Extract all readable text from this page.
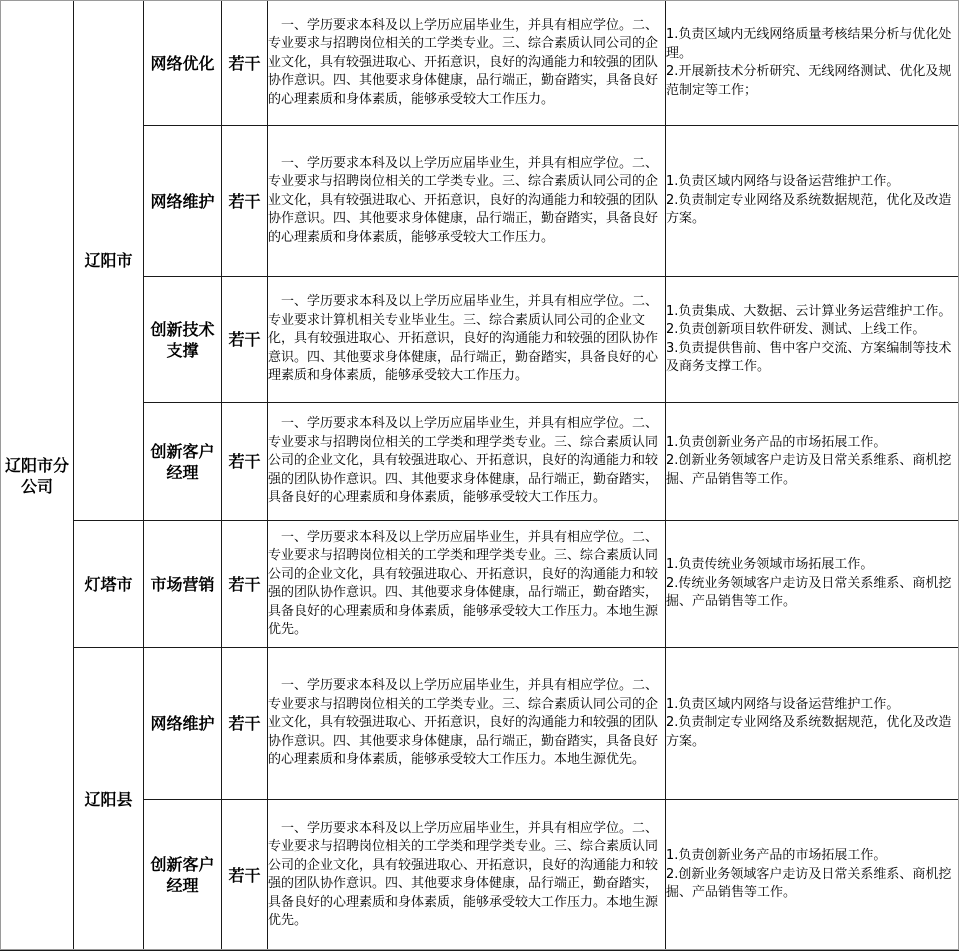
辽阳市分公司	辽阳市	网络优化	若干	一、学历要求本科及以上学历应届毕业生，并具有相应学位。二、专业要求与招聘岗位相关的工学类专业。三、综合素质认同公司的企业文化，具有较强进取心、开拓意识，良好的沟通能力和较强的团队协作意识。四、其他要求身体健康，品行端正，勤奋踏实，具备良好的心理素质和身体素质，能够承受较大工作压力。	1.负责区域内无线网络质量考核结果分析与优化处理。
2.开展新技术分析研究、无线网络测试、优化及规范制定等工作；

		网络维护	若干	一、学历要求本科及以上学历应届毕业生，并具有相应学位。二、专业要求与招聘岗位相关的工学类专业。三、综合素质认同公司的企业文化，具有较强进取心、开拓意识，良好的沟通能力和较强的团队协作意识。四、其他要求身体健康，品行端正，勤奋踏实，具备良好的心理素质和身体素质，能够承受较大工作压力。	1.负责区域内网络与设备运营维护工作。
2.负责制定专业网络及系统数据规范，优化及改造方案。

		创新技术支撑	若干	一、学历要求本科及以上学历应届毕业生，并具有相应学位。二、专业要求计算机相关专业毕业生。三、综合素质认同公司的企业文化，具有较强进取心、开拓意识，良好的沟通能力和较强的团队协作意识。四、其他要求身体健康，品行端正，勤奋踏实，具备良好的心理素质和身体素质，能够承受较大工作压力。	1.负责集成、大数据、云计算业务运营维护工作。
2.负责创新项目软件研发、测试、上线工作。
3.负责提供售前、售中客户交流、方案编制等技术及商务支撑工作。

		创新客户经理	若干	一、学历要求本科及以上学历应届毕业生，并具有相应学位。二、专业要求与招聘岗位相关的工学类和理学类专业。三、综合素质认同公司的企业文化，具有较强进取心、开拓意识，良好的沟通能力和较强的团队协作意识。四、其他要求身体健康，品行端正，勤奋踏实，具备良好的心理素质和身体素质，能够承受较大工作压力。	1.负责创新业务产品的市场拓展工作。
2.创新业务领域客户走访及日常关系维系、商机挖掘、产品销售等工作。

	灯塔市	市场营销	若干	一、学历要求本科及以上学历应届毕业生，并具有相应学位。二、专业要求与招聘岗位相关的工学类和理学类专业。三、综合素质认同公司的企业文化，具有较强进取心、开拓意识，良好的沟通能力和较强的团队协作意识。四、其他要求身体健康，品行端正，勤奋踏实，具备良好的心理素质和身体素质，能够承受较大工作压力。本地生源优先。	1.负责传统业务领域市场拓展工作。
2.传统业务领域客户走访及日常关系维系、商机挖掘、产品销售等工作。

	辽阳县	网络维护	若干	一、学历要求本科及以上学历应届毕业生，并具有相应学位。二、专业要求与招聘岗位相关的工学类专业。三、综合素质认同公司的企业文化，具有较强进取心、开拓意识，良好的沟通能力和较强的团队协作意识。四、其他要求身体健康，品行端正，勤奋踏实，具备良好的心理素质和身体素质，能够承受较大工作压力。本地生源优先。	1.负责区域内网络与设备运营维护工作。
2.负责制定专业网络及系统数据规范，优化及改造方案。

		创新客户经理	若干	一、学历要求本科及以上学历应届毕业生，并具有相应学位。二、专业要求与招聘岗位相关的工学类和理学类专业。三、综合素质认同公司的企业文化，具有较强进取心、开拓意识，良好的沟通能力和较强的团队协作意识。四、其他要求身体健康，品行端正，勤奋踏实，具备良好的心理素质和身体素质，能够承受较大工作压力。本地生源优先。	1.负责创新业务产品的市场拓展工作。
2.创新业务领域客户走访及日常关系维系、商机挖掘、产品销售等工作。
